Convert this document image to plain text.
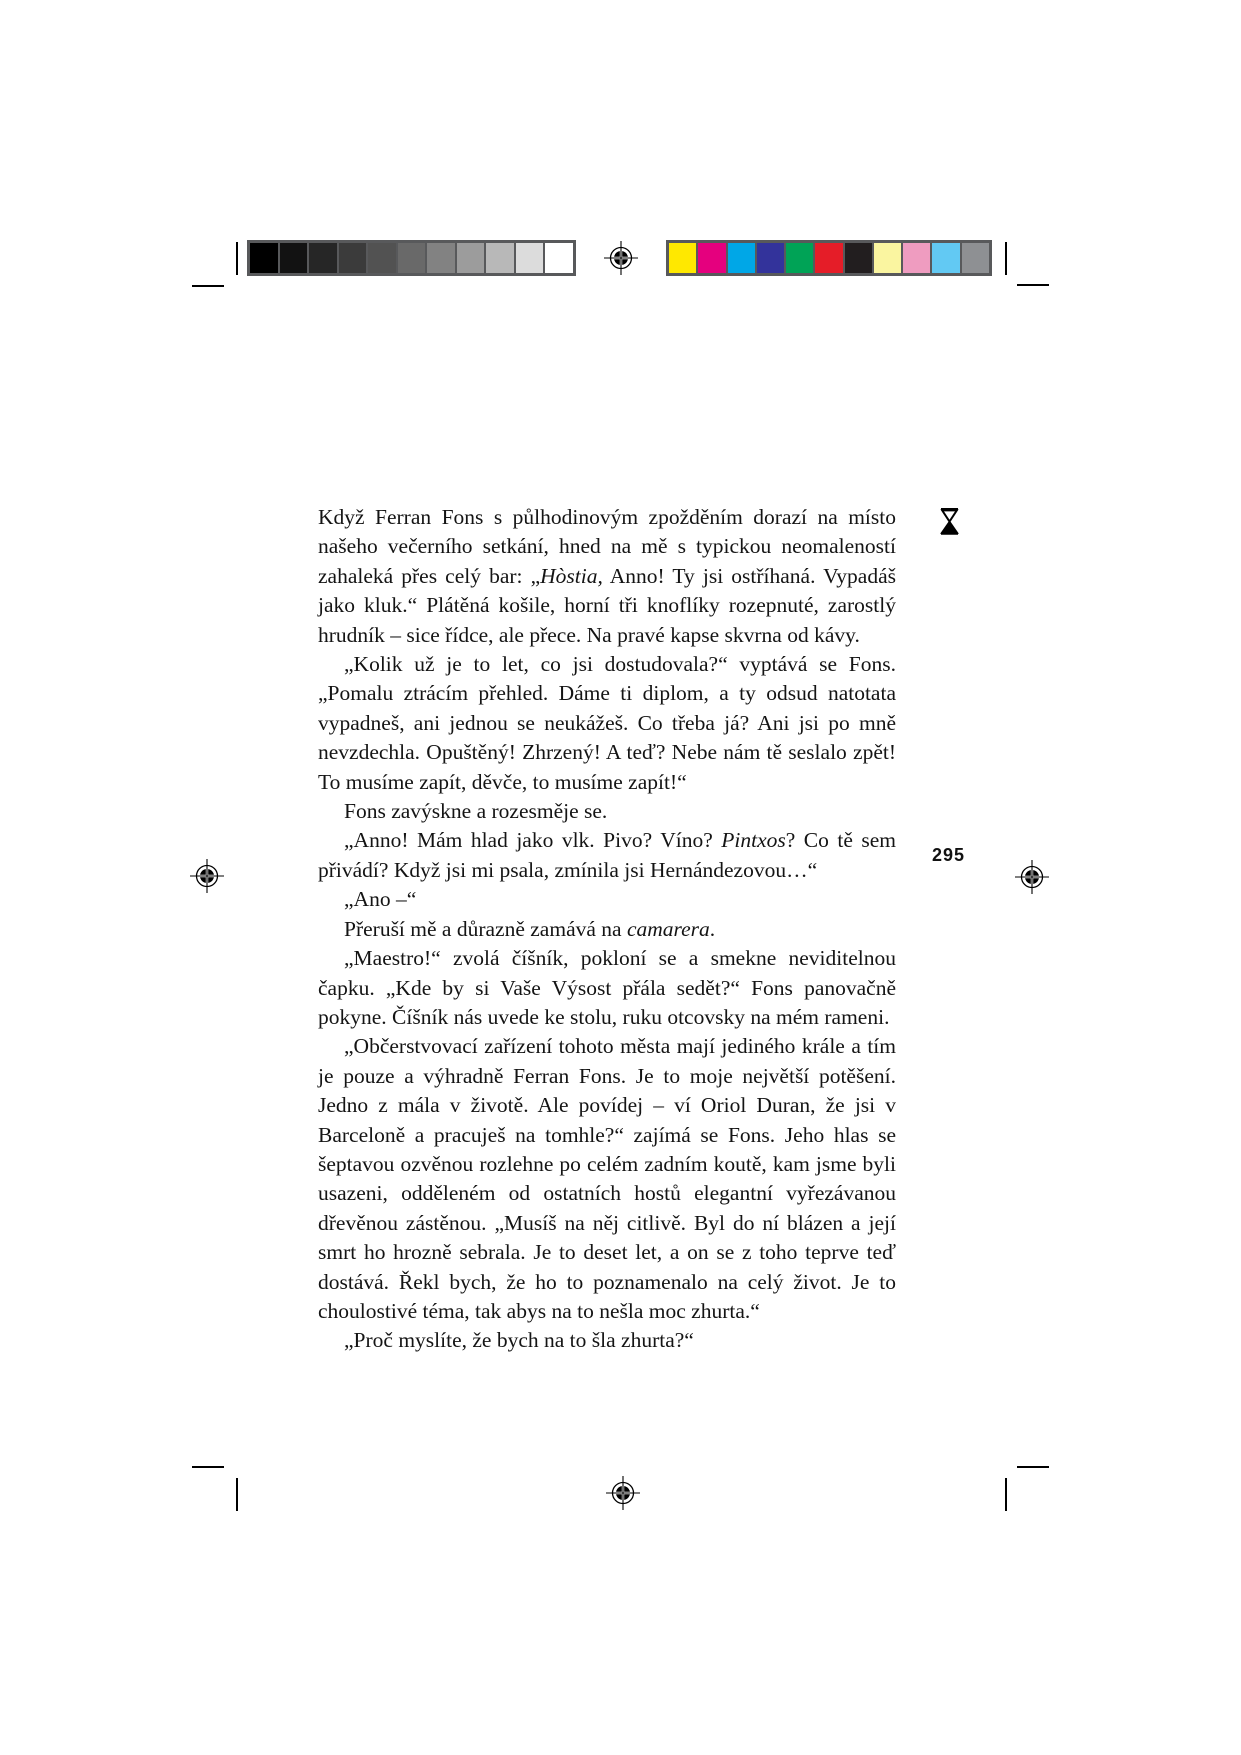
Když Ferran Fons s půlhodinovým zpožděním dorazí na místo našeho večerního setkání, hned na mě s typickou neomaleností zahaleká přes celý bar: „Hòstia, Anno! Ty jsi ostříhaná. Vypadáš jako kluk.“ Plátěná košile, horní tři knoflíky rozepnuté, zarostlý hrudník – sice řídce, ale přece. Na pravé kapse skvrna od kávy.

„Kolik už je to let, co jsi dostudovala?“ vyptává se Fons. „Pomalu ztrácím přehled. Dáme ti diplom, a ty odsud natotata vypadneš, ani jednou se neukážeš. Co třeba já? Ani jsi po mně nevzdechla. Opuštěný! Zhrzený! A teď? Nebe nám tě seslalo zpět! To musíme zapít, děvče, to musíme zapít!“

Fons zavýskne a rozesměje se.

„Anno! Mám hlad jako vlk. Pivo? Víno? Pintxos? Co tě sem přivádí? Když jsi mi psala, zmínila jsi Hernándezovou…“

„Ano –“

Přeruší mě a důrazně zamává na camarera.

„Maestro!“ zvolá číšník, pokloní se a smekne neviditelnou čapku. „Kde by si Vaše Výsost přála sedět?“ Fons panovačně pokyne. Číšník nás uvede ke stolu, ruku otcovsky na mém rameni.

„Občerstvovací zařízení tohoto města mají jediného krále a tím je pouze a výhradně Ferran Fons. Je to moje největší potěšení. Jedno z mála v životě. Ale povídej – ví Oriol Duran, že jsi v Barceloně a pracuješ na tomhle?“ zajímá se Fons. Jeho hlas se šeptavou ozvěnou rozlehne po celém zadním koutě, kam jsme byli usazeni, odděleném od ostatních hostů elegantní vyřezávanou dřevěnou zástěnou. „Musíš na něj citlivě. Byl do ní blázen a její smrt ho hrozně sebrala. Je to deset let, a on se z toho teprve teď dostává. Řekl bych, že ho to poznamenalo na celý život. Je to choulostivé téma, tak abys na to nešla moc zhurta.“

„Proč myslíte, že bych na to šla zhurta?“

295
